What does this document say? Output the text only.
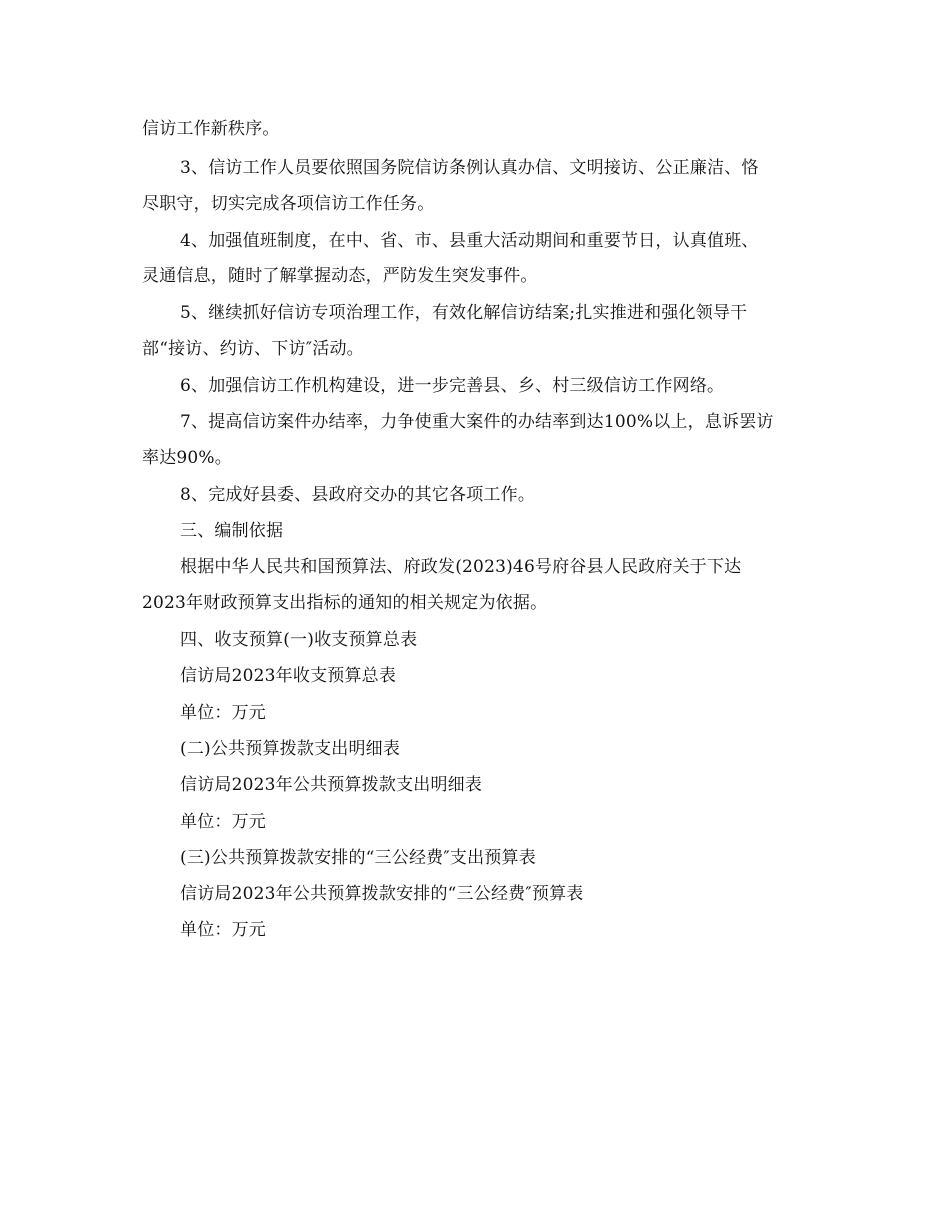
信访工作新秩序。
3、信访工作人员要依照国务院信访条例认真办信、文明接访、公正廉洁、恪
尽职守，切实完成各项信访工作任务。
4、加强值班制度，在中、省、市、县重大活动期间和重要节日，认真值班、
灵通信息，随时了解掌握动态，严防发生突发事件。
5、继续抓好信访专项治理工作，有效化解信访结案;扎实推进和强化领导干
部“接访、约访、下访″活动。
6、加强信访工作机构建设，进一步完善县、乡、村三级信访工作网络。
7、提高信访案件办结率，力争使重大案件的办结率到达100%以上，息诉罢访
率达90%。
8、完成好县委、县政府交办的其它各项工作。
三、编制依据
根据中华人民共和国预算法、府政发(2023)46号府谷县人民政府关于下达
2023年财政预算支出指标的通知的相关规定为依据。
四、收支预算(一)收支预算总表
信访局2023年收支预算总表
单位：万元
(二)公共预算拨款支出明细表
信访局2023年公共预算拨款支出明细表
单位：万元
(三)公共预算拨款安排的“三公经费″支出预算表
信访局2023年公共预算拨款安排的“三公经费″预算表
单位：万元
